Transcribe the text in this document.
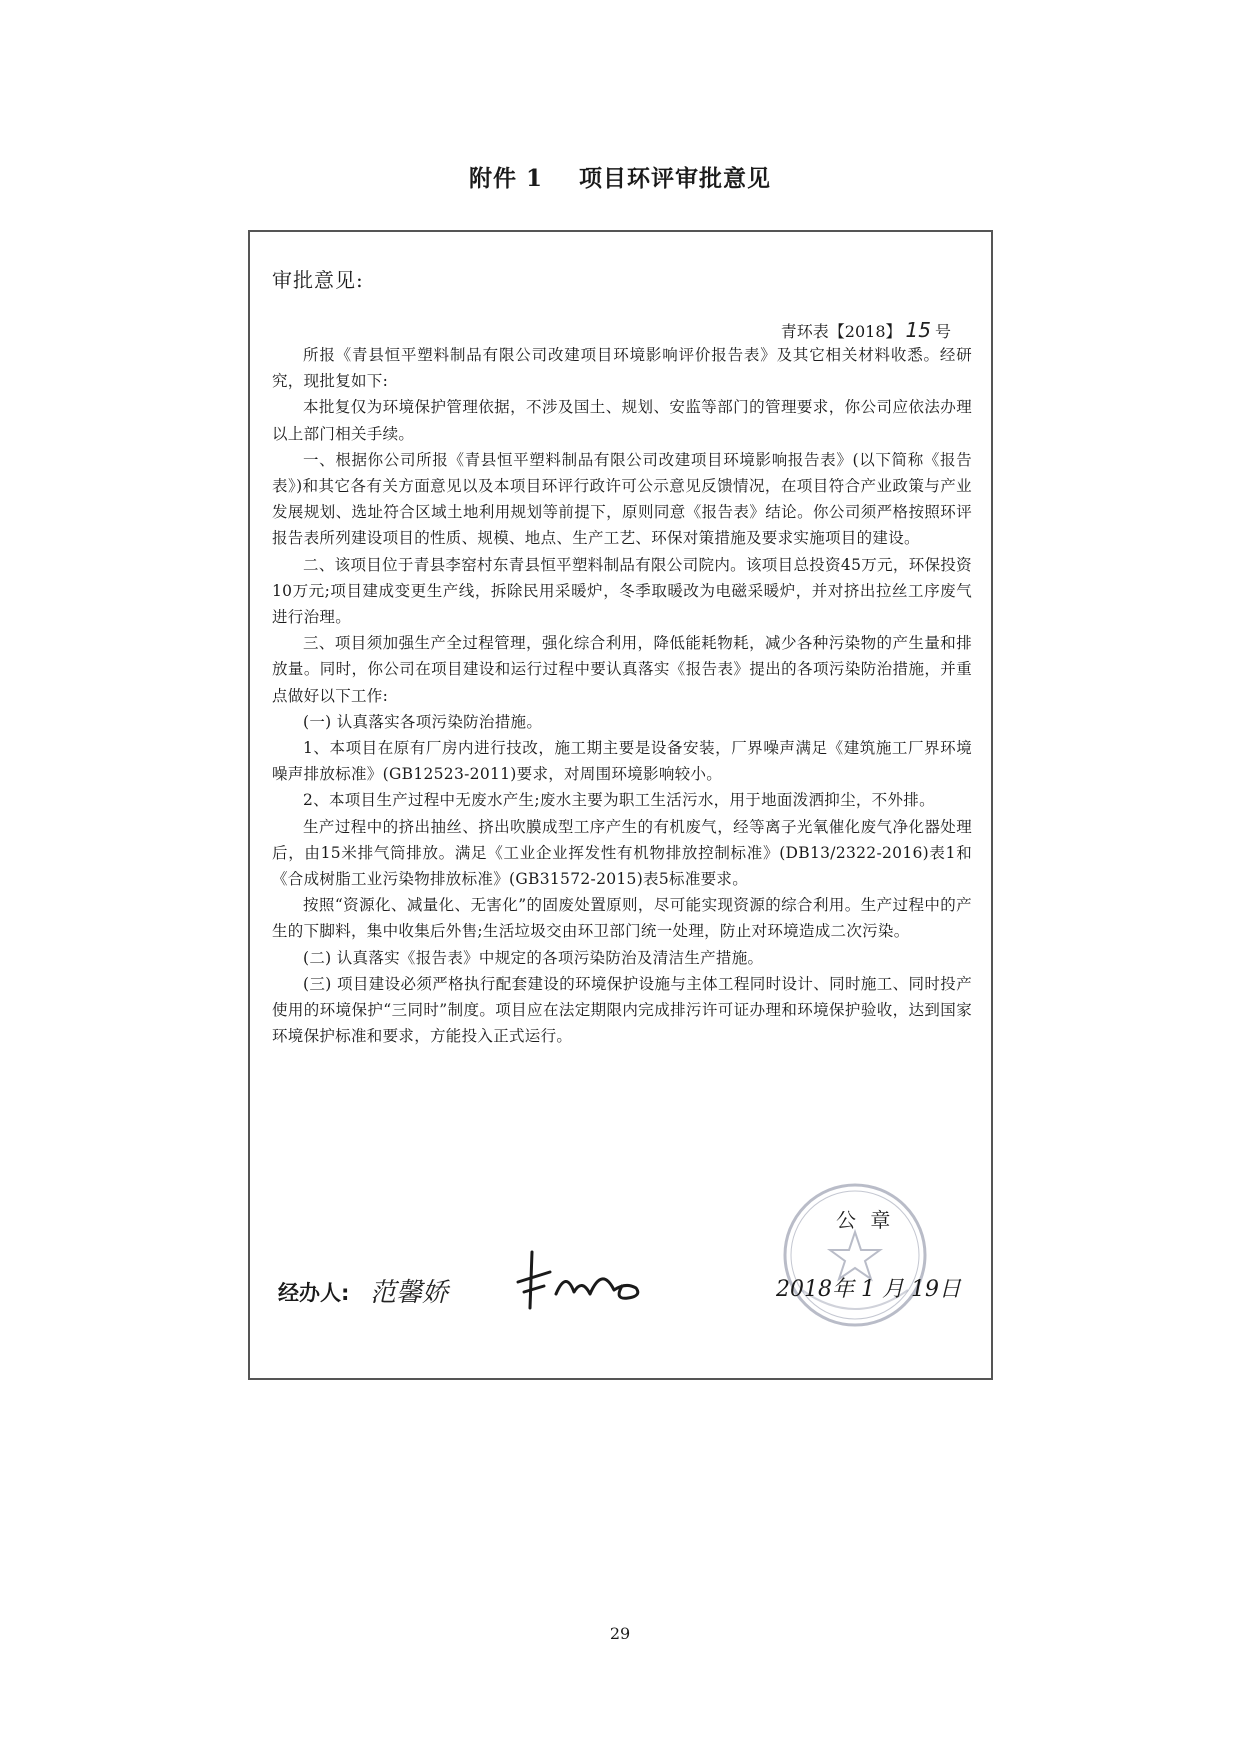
附件 1 项目环评审批意见
审批意见:
青环表【2018】 15 号

所报《青县恒平塑料制品有限公司改建项目环境影响评价报告表》及其它相关材料收悉。经研究，现批复如下:

本批复仅为环境保护管理依据，不涉及国土、规划、安监等部门的管理要求，你公司应依法办理以上部门相关手续。

一、根据你公司所报《青县恒平塑料制品有限公司改建项目环境影响报告表》(以下简称《报告表》)和其它各有关方面意见以及本项目环评行政许可公示意见反馈情况，在项目符合产业政策与产业发展规划、选址符合区域土地利用规划等前提下，原则同意《报告表》结论。你公司须严格按照环评报告表所列建设项目的性质、规模、地点、生产工艺、环保对策措施及要求实施项目的建设。

二、该项目位于青县李窑村东青县恒平塑料制品有限公司院内。该项目总投资45万元，环保投资10万元;项目建成变更生产线，拆除民用采暖炉，冬季取暖改为电磁采暖炉，并对挤出拉丝工序废气进行治理。

三、项目须加强生产全过程管理，强化综合利用，降低能耗物耗，减少各种污染物的产生量和排放量。同时，你公司在项目建设和运行过程中要认真落实《报告表》提出的各项污染防治措施，并重点做好以下工作:

(一) 认真落实各项污染防治措施。

1、本项目在原有厂房内进行技改，施工期主要是设备安装，厂界噪声满足《建筑施工厂界环境噪声排放标准》(GB12523-2011)要求，对周围环境影响较小。

2、本项目生产过程中无废水产生;废水主要为职工生活污水，用于地面泼洒抑尘，不外排。

生产过程中的挤出抽丝、挤出吹膜成型工序产生的有机废气，经等离子光氧催化废气净化器处理后，由15米排气筒排放。满足《工业企业挥发性有机物排放控制标准》(DB13/2322-2016)表1和《合成树脂工业污染物排放标准》(GB31572-2015)表5标准要求。

按照“资源化、减量化、无害化”的固废处置原则，尽可能实现资源的综合利用。生产过程中的产生的下脚料，集中收集后外售;生活垃圾交由环卫部门统一处理，防止对环境造成二次污染。

(二) 认真落实《报告表》中规定的各项污染防治及清洁生产措施。

(三) 项目建设必须严格执行配套建设的环境保护设施与主体工程同时设计、同时施工、同时投产使用的环境保护“三同时”制度。项目应在法定期限内完成排污许可证办理和环境保护验收，达到国家环境保护标准和要求，方能投入正式运行。

公 章
经办人: 范馨娇	2018年 1 月 19日
29
